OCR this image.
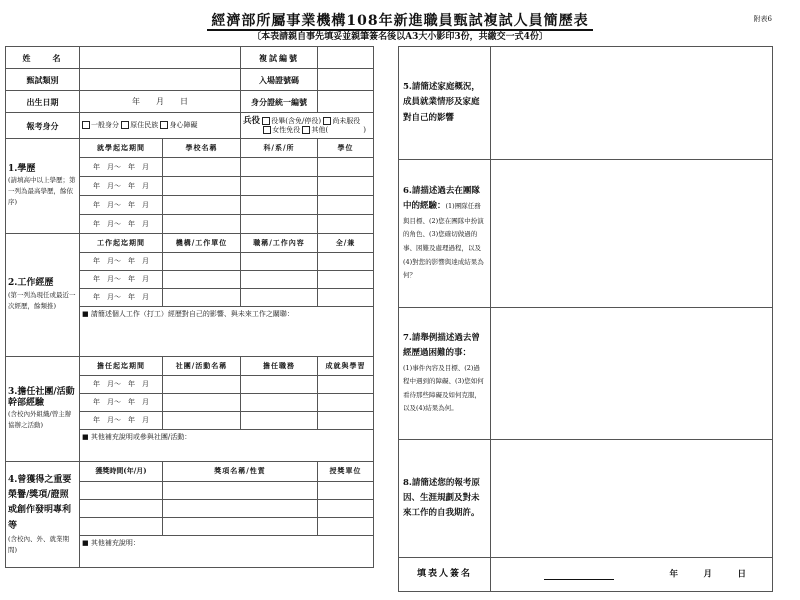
經濟部所屬事業機構108年新進職員甄試複試人員簡歷表	附表6
〔本表請親自事先填妥並親筆簽名後以A3大小影印3份，共繳交一式4份〕
姓　　名			複試編號	
甄試類別			入場證號碼	
出生日期	年　　月　　日		身分證統一編號	
報考身分	一般身分 原住民族 身心障礙		兵役 役畢(含免/停役) 尚未服役
女性免役 其他(　　　　　)	
1.學歷
(請填高中以上學歷；第一列為最高學歷，餘依序)	就學起迄期間	學校名稱	科/系/所	學位
	年　月～　年　月			
	年　月～　年　月			
	年　月～　年　月			
	年　月～　年　月			
2.工作經歷
(第一列為現任或最近一次經歷，餘類推)	工作起迄期間	機構/工作單位	職稱/工作內容	全/兼
	年　月～　年　月			
	年　月～　年　月			
	年　月～　年　月			
	■ 請簡述個人工作（打工）經歷對自己的影響、與未來工作之關聯：			
3.擔任社團/活動幹部經驗
(含校內外組織/曾主辦協辦之活動)	擔任起迄期間	社團/活動名稱	擔任職務	成就與學習
	年　月～　年　月			
	年　月～　年　月			
	年　月～　年　月			
	■ 其他補充說明或參與社團/活動：			
4.曾獲得之重要榮譽/獎項/證照或創作發明專利等
(含校內、外、就業期間)	獲獎時間(年/月)	獎項名稱/性質		授獎單位

	■ 其他補充說明：			
5.請簡述家庭概況，成員就業情形及家庭對自己的影響	
6.請描述過去在團隊中的經驗：(1)團隊任務與目標、(2)您在團隊中扮演的角色、(3)您確切做過的事、困難及處理過程，以及(4)對您的影響與達成結果為何？	
7.請舉例描述過去曾經歷過困難的事：
(1)事件內容及目標、(2)過程中遇到的障礙、(3)您如何看待那些障礙及如何克服，以及(4)結果為何。	
8.請簡述您的報考原因、生涯規劃及對未來工作的自我期許。	
填表人簽名	年　　　月　　　日
